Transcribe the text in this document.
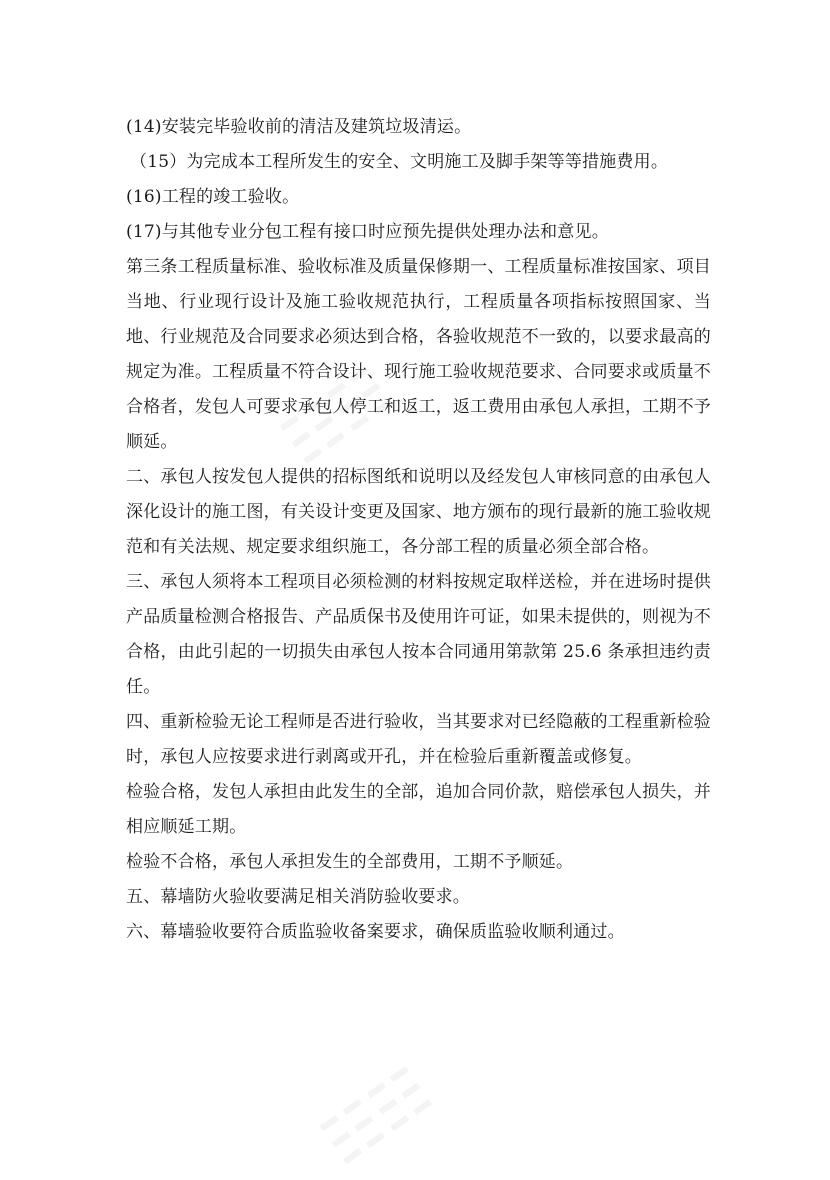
☷☷
☷☷

(14)安装完毕验收前的清洁及建筑垃圾清运。

（15）为完成本工程所发生的安全、文明施工及脚手架等等措施费用。

(16)工程的竣工验收。

(17)与其他专业分包工程有接口时应预先提供处理办法和意见。

第三条工程质量标准、验收标准及质量保修期一、工程质量标准按国家、项目当地、行业现行设计及施工验收规范执行，工程质量各项指标按照国家、当地、行业规范及合同要求必须达到合格，各验收规范不一致的，以要求最高的规定为准。工程质量不符合设计、现行施工验收规范要求、合同要求或质量不合格者，发包人可要求承包人停工和返工，返工费用由承包人承担，工期不予顺延。

二、承包人按发包人提供的招标图纸和说明以及经发包人审核同意的由承包人深化设计的施工图，有关设计变更及国家、地方颁布的现行最新的施工验收规范和有关法规、规定要求组织施工，各分部工程的质量必须全部合格。

三、承包人须将本工程项目必须检测的材料按规定取样送检，并在进场时提供产品质量检测合格报告、产品质保书及使用许可证，如果未提供的，则视为不合格，由此引起的一切损失由承包人按本合同通用第款第 25.6 条承担违约责任。

四、重新检验无论工程师是否进行验收，当其要求对已经隐蔽的工程重新检验时，承包人应按要求进行剥离或开孔，并在检验后重新覆盖或修复。

检验合格，发包人承担由此发生的全部，追加合同价款，赔偿承包人损失，并相应顺延工期。

检验不合格，承包人承担发生的全部费用，工期不予顺延。

五、幕墙防火验收要满足相关消防验收要求。

六、幕墙验收要符合质监验收备案要求，确保质监验收顺利通过。
